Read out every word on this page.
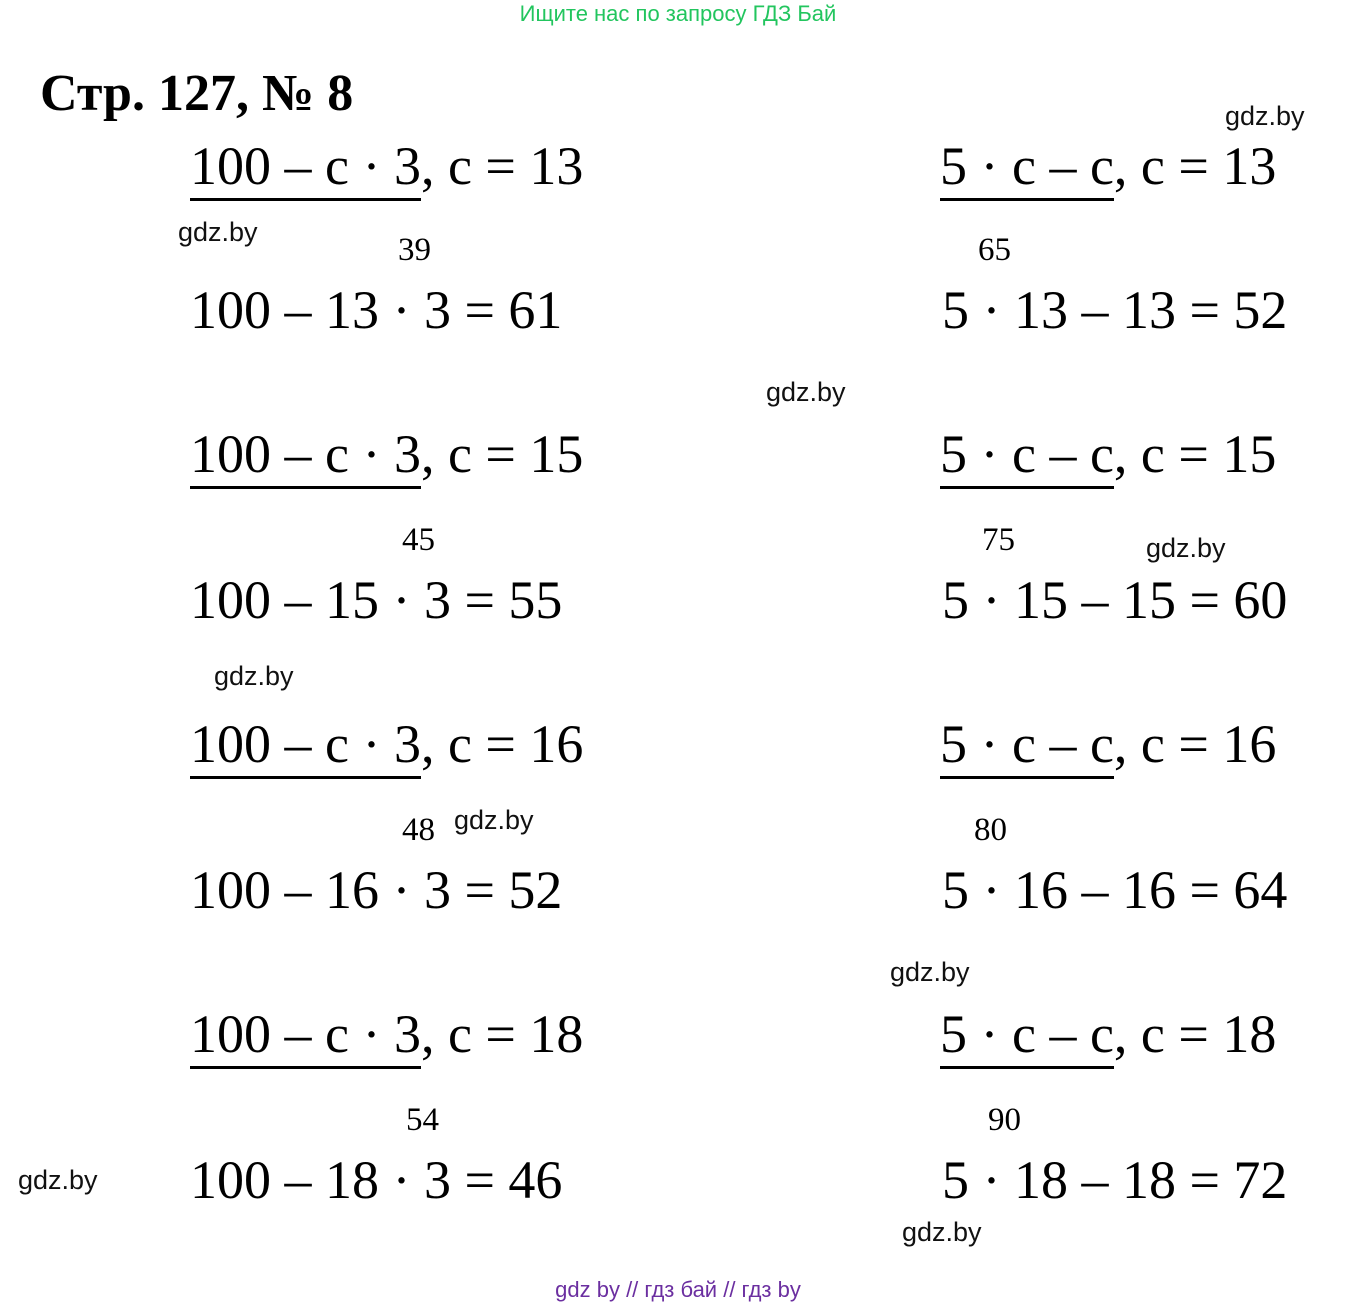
Ищите нас по запросу ГДЗ Бай
Стр. 127, № 8	gdz.by
gdz.by
gdz.by
gdz.by
gdz.by
gdz.by
gdz.by
gdz.by
gdz.by
100 – с · 3, с = 13
39
100 – 13 · 3 = 61
100 – с · 3, с = 15
45
100 – 15 · 3 = 55
100 – с · 3, с = 16
48
100 – 16 · 3 = 52
100 – с · 3, с = 18
54
100 – 18 · 3 = 46
5 · с – с, с = 13
65
5 · 13 – 13 = 52
5 · с – с, с = 15
75
5 · 15 – 15 = 60
5 · с – с, с = 16
80
5 · 16 – 16 = 64
5 · с – с, с = 18
90
5 · 18 – 18 = 72
gdz by // гдз бай // гдз by
